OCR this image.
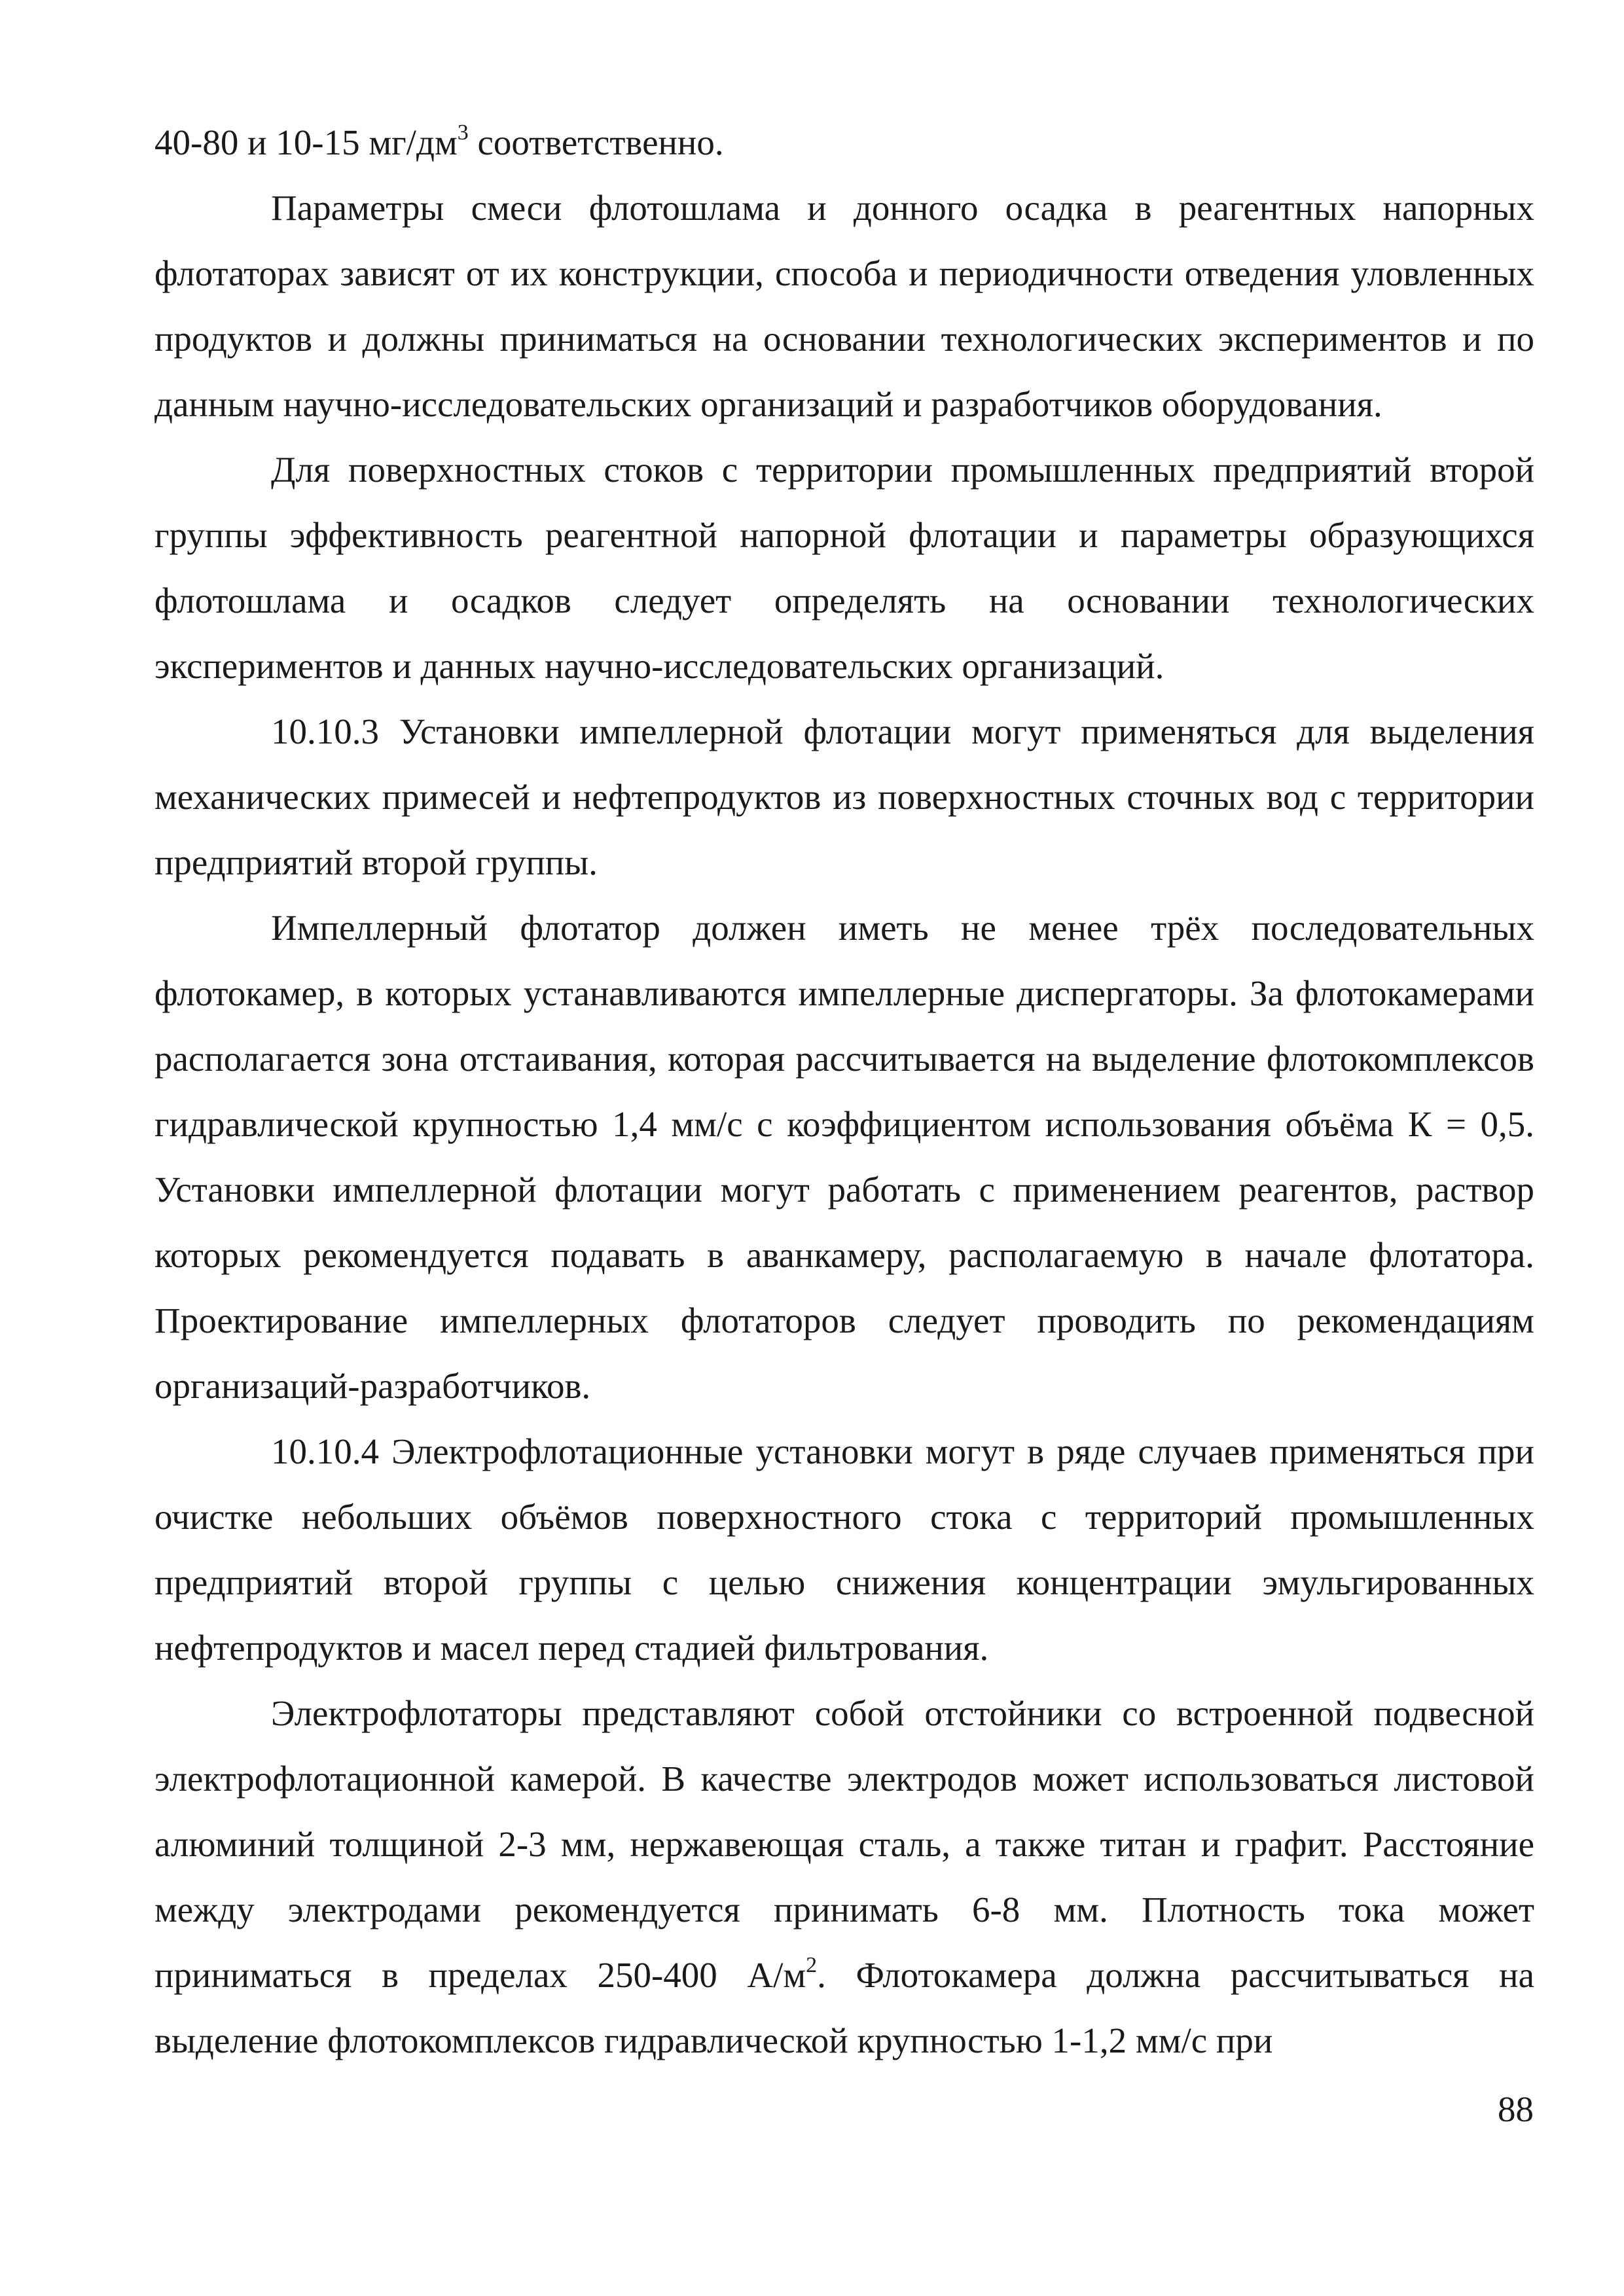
40-80 и 10-15 $мг/дм^3$ соответственно.

Параметры смеси флотошлама и донного осадка в реагентных напорных флотаторах зависят от их конструкции, способа и периодичности отведения уловленных продуктов и должны приниматься на основании технологических экспериментов и по данным научно-исследовательских организаций и разработчиков оборудования.

Для поверхностных стоков с территории промышленных предприятий второй группы эффективность реагентной напорной флотации и параметры образующихся флотошлама и осадков следует определять на основании технологических экспериментов и данных научно-исследовательских организаций.

10.10.3 Установки импеллерной флотации могут применяться для выделения механических примесей и нефтепродуктов из поверхностных сточных вод с территории предприятий второй группы.

Импеллерный флотатор должен иметь не менее трёх последовательных флотокамер, в которых устанавливаются импеллерные диспергаторы. За флотокамерами располагается зона отстаивания, которая рассчитывается на выделение флотокомплексов гидравлической крупностью 1,4 мм/с с коэффициентом использования объёма К = 0,5. Установки импеллерной флотации могут работать с применением реагентов, раствор которых рекомендуется подавать в аванкамеру, располагаемую в начале флотатора. Проектирование импеллерных флотаторов следует проводить по рекомендациям организаций-разработчиков.

10.10.4 Электрофлотационные установки могут в ряде случаев применяться при очистке небольших объёмов поверхностного стока с территорий промышленных предприятий второй группы с целью снижения концентрации эмульгированных нефтепродуктов и масел перед стадией фильтрования.

Электрофлотаторы представляют собой отстойники со встроенной подвесной электрофлотационной камерой. В качестве электродов может использоваться листовой алюминий толщиной 2-3 мм, нержавеющая сталь, а также титан и графит. Расстояние между электродами рекомендуется принимать 6-8 мм. Плотность тока может приниматься в пределах 250-400 $А/м^2$. Флотокамера должна рассчитываться на выделение флотокомплексов гидравлической крупностью 1-1,2 мм/с при

88
